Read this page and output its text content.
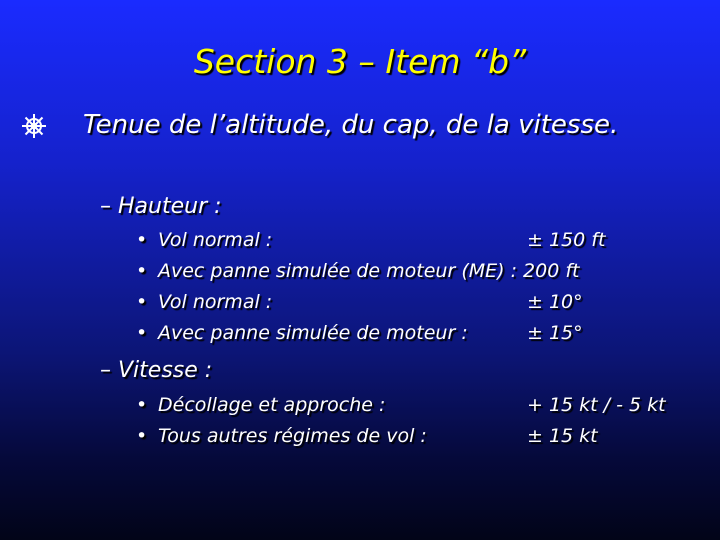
Section 3 – Item “b”
Tenue de l’altitude, du cap, de la vitesse.
– Hauteur :
• Vol normal :	± 150 ft
• Avec panne simulée de moteur (ME) : 200 ft
• Vol normal :	± 10°
• Avec panne simulée de moteur :	± 15°
– Vitesse :
• Décollage et approche :	+ 15 kt / - 5 kt
• Tous autres régimes de vol :	± 15 kt
